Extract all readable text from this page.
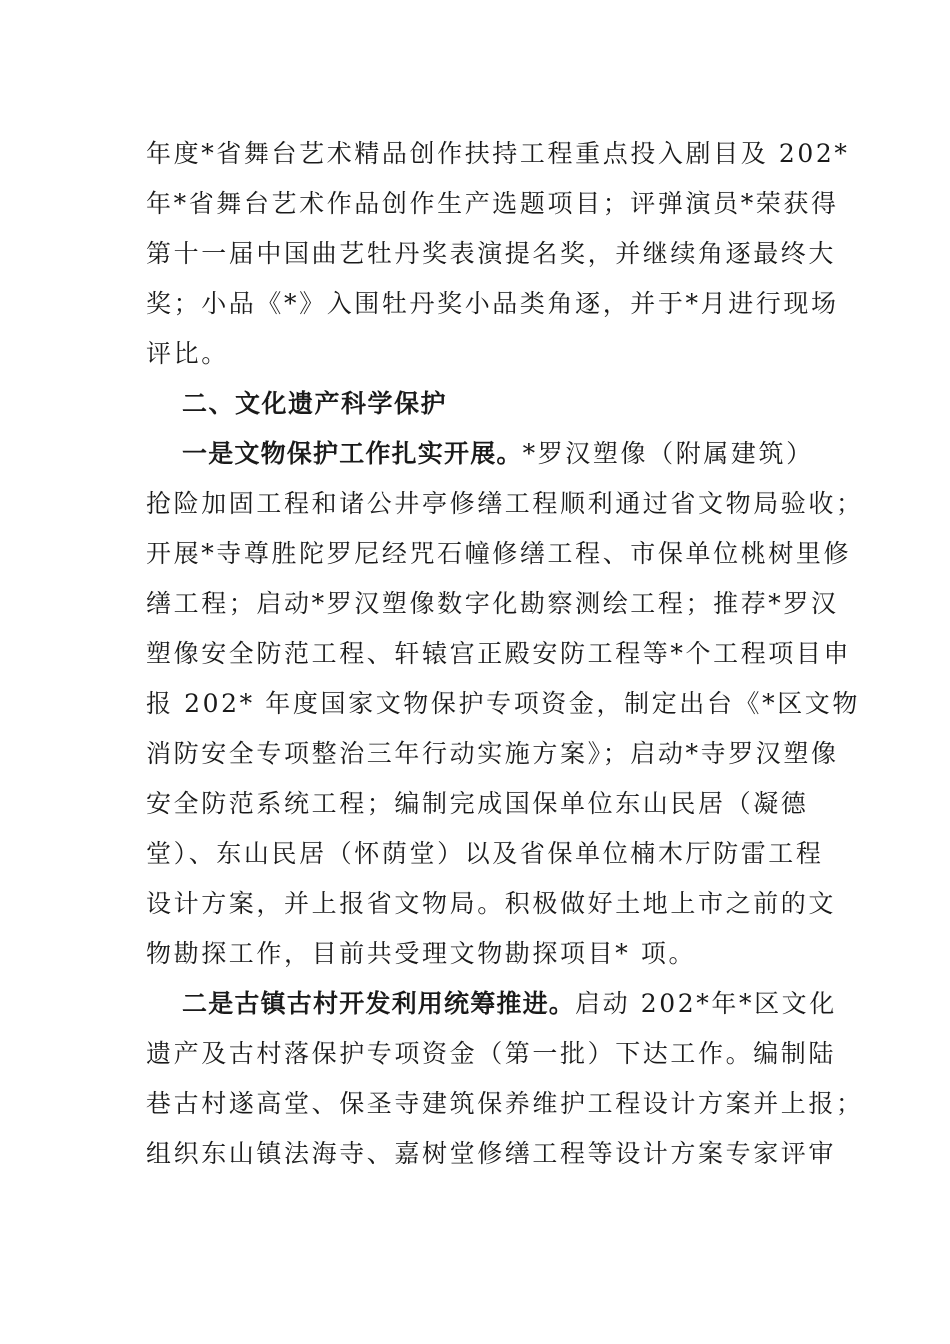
年度*省舞台艺术精品创作扶持工程重点投入剧目及 202*
年*省舞台艺术作品创作生产选题项目；评弹演员*荣获得
第十一届中国曲艺牡丹奖表演提名奖，并继续角逐最终大
奖；小品《*》入围牡丹奖小品类角逐，并于*月进行现场
评比。
二、文化遗产科学保护
一是文物保护工作扎实开展。*罗汉塑像（附属建筑）
抢险加固工程和诸公井亭修缮工程顺利通过省文物局验收；
开展*寺尊胜陀罗尼经咒石幢修缮工程、市保单位桃树里修
缮工程；启动*罗汉塑像数字化勘察测绘工程；推荐*罗汉
塑像安全防范工程、轩辕宫正殿安防工程等*个工程项目申
报 202* 年度国家文物保护专项资金，制定出台《*区文物
消防安全专项整治三年行动实施方案》；启动*寺罗汉塑像
安全防范系统工程；编制完成国保单位东山民居（凝德
堂）、东山民居（怀荫堂）以及省保单位楠木厅防雷工程
设计方案，并上报省文物局。积极做好土地上市之前的文
物勘探工作，目前共受理文物勘探项目* 项。
二是古镇古村开发利用统筹推进。启动 202*年*区文化
遗产及古村落保护专项资金（第一批）下达工作。编制陆
巷古村遂高堂、保圣寺建筑保养维护工程设计方案并上报；
组织东山镇法海寺、嘉树堂修缮工程等设计方案专家评审
